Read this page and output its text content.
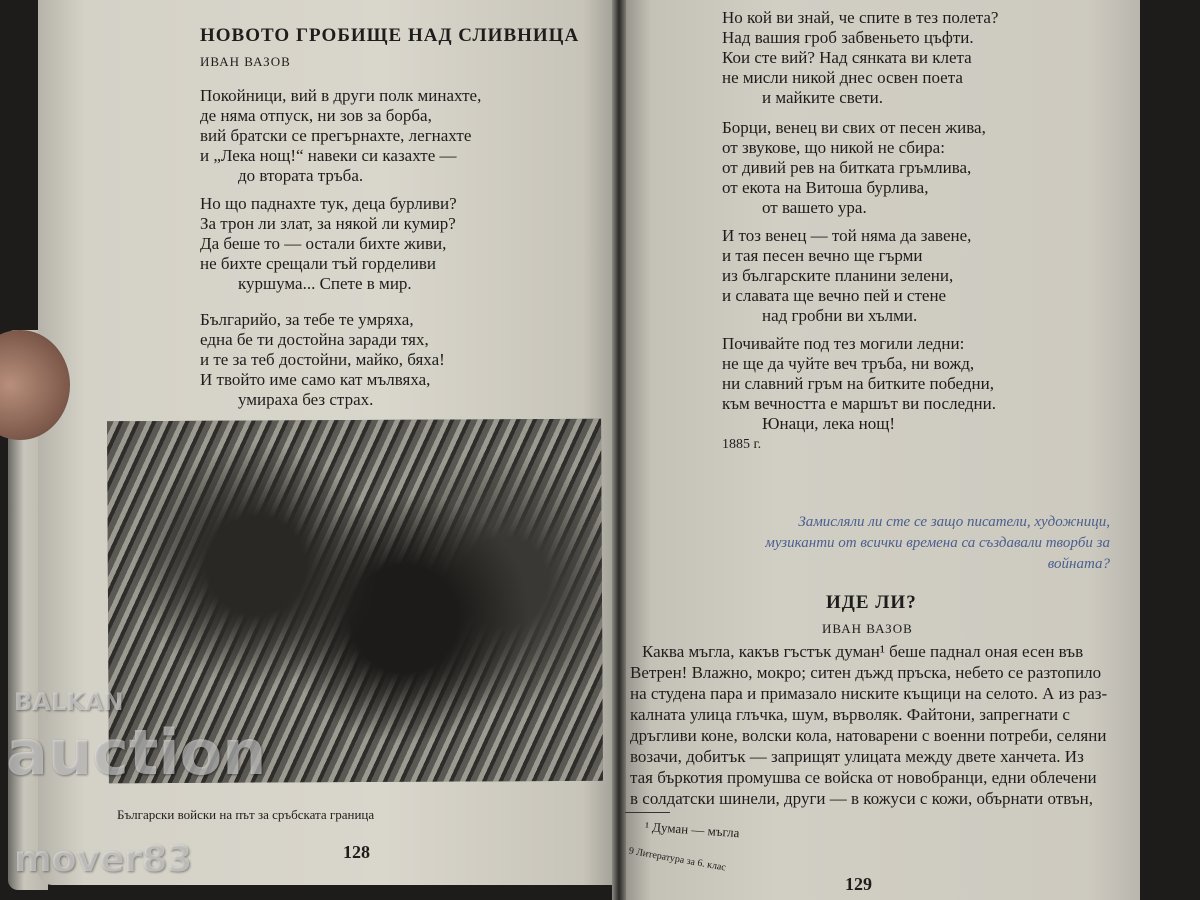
НОВОТО ГРОБИЩЕ НАД СЛИВНИЦА
ИВАН ВАЗОВ
Покойници, вий в други полк минахте,
де няма отпуск, ни зов за борба,
вий братски се прегърнахте, легнахте
и „Лека нощ!“ навеки си казахте —
до втората тръба.
Но що паднахте тук, деца бурливи?
За трон ли злат, за някой ли кумир?
Да беше то — остали бихте живи,
не бихте срещали тъй горделиви
куршума... Спете в мир.
Българийо, за тебе те умряха,
една бе ти достойна заради тях,
и те за теб достойни, майко, бяха!
И твойто име само кат мълвяха,
умираха без страх.
Български войски на път за сръбската граница
128
Но кой ви знай, че спите в тез полета?
Над вашия гроб забвеньето цъфти.
Кои сте вий? Над сянката ви клета
не мисли никой днес освен поета
и майките свети.
Борци, венец ви свих от песен жива,
от звукове, що никой не сбира:
от дивий рев на битката гръмлива,
от екота на Витоша бурлива,
от вашето ура.
И тоз венец — той няма да завене,
и тая песен вечно ще гърми
из българските планини зелени,
и славата ще вечно пей и стене
над гробни ви хълми.
Почивайте под тез могили ледни:
не ще да чуйте веч тръба, ни вожд,
ни славний гръм на битките победни,
към вечността е маршът ви последни.
Юнаци, лека нощ!
1885 г.
Замисляли ли сте се защо писатели, художници, музиканти от всички времена са създавали творби за войната?
ИДЕ ЛИ?
ИВАН ВАЗОВ
Каква мъгла, какъв гъстък думан¹ беше паднал оная есен във
Ветрен! Влажно, мокро; ситен дъжд пръска, небето се разтопило
на студена пара и примазало ниските къщици на селото. А из раз-
калната улица глъчка, шум, върволяк. Файтони, запрегнати с
дръгливи коне, волски кола, натоварени с военни потреби, селяни
возачи, добитък — заприщят улицата между двете ханчета. Из
тая бъркотия промушва се войска от новобранци, едни облечени
в солдатски шинели, други — в кожуси с кожи, обърнати отвън,
¹ Думан — мъгла
9 Литература за 6. клас
129
BALKAN
auction
mover83
